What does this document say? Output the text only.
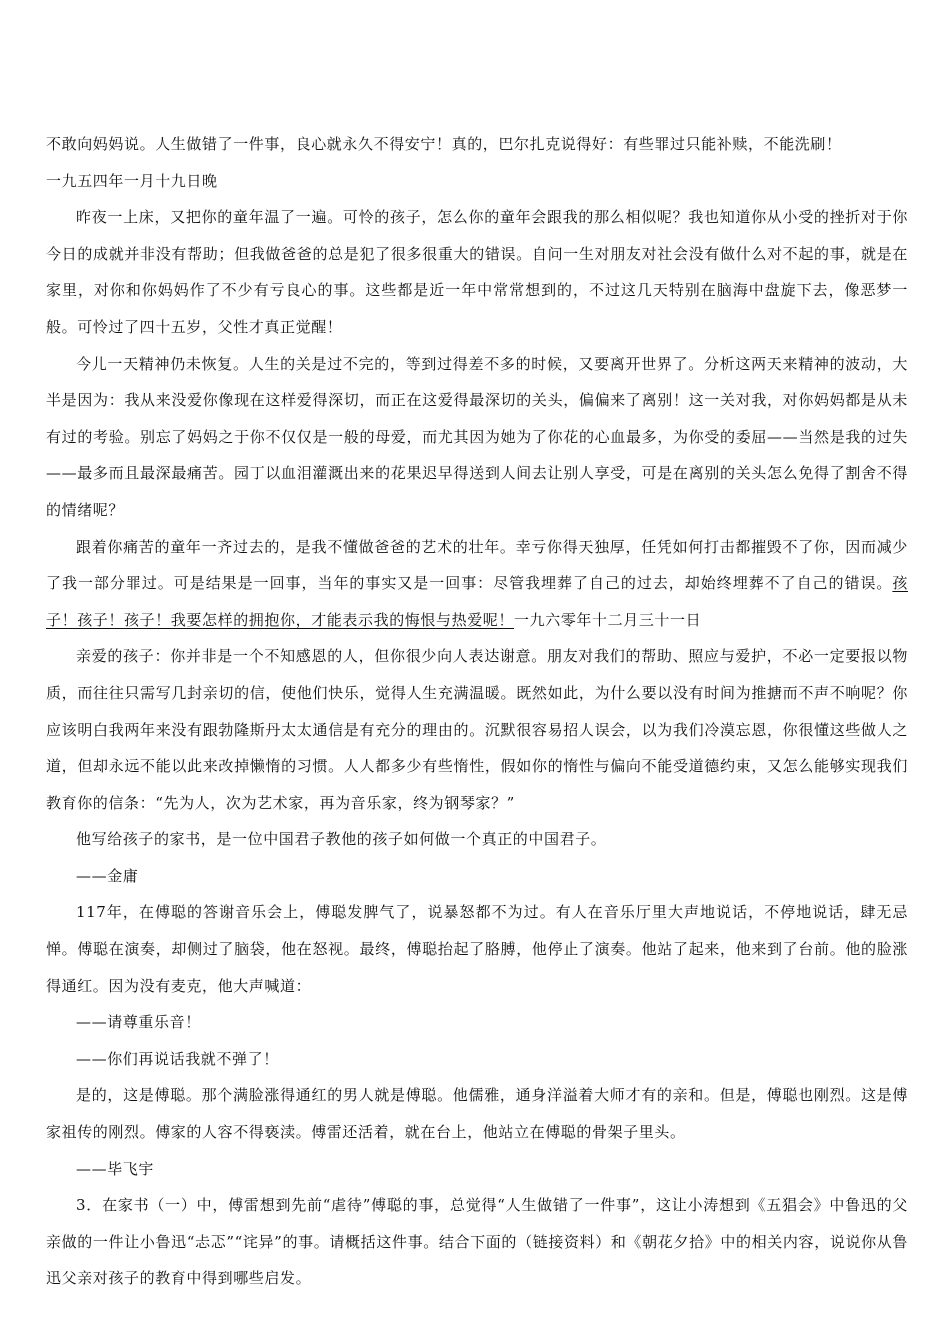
不敢向妈妈说。人生做错了一件事，良心就永久不得安宁！真的，巴尔扎克说得好：有些罪过只能补赎，不能洗刷！

一九五四年一月十九日晚

昨夜一上床，又把你的童年温了一遍。可怜的孩子，怎么你的童年会跟我的那么相似呢？我也知道你从小受的挫折对于你今日的成就并非没有帮助；但我做爸爸的总是犯了很多很重大的错误。自问一生对朋友对社会没有做什么对不起的事，就是在家里，对你和你妈妈作了不少有亏良心的事。这些都是近一年中常常想到的，不过这几天特别在脑海中盘旋下去，像恶梦一般。可怜过了四十五岁，父性才真正觉醒！

今儿一天精神仍未恢复。人生的关是过不完的，等到过得差不多的时候，又要离开世界了。分析这两天来精神的波动，大半是因为：我从来没爱你像现在这样爱得深切，而正在这爱得最深切的关头，偏偏来了离别！这一关对我，对你妈妈都是从未有过的考验。别忘了妈妈之于你不仅仅是一般的母爱，而尤其因为她为了你花的心血最多，为你受的委屈——当然是我的过失——最多而且最深最痛苦。园丁以血泪灌溉出来的花果迟早得送到人间去让别人享受，可是在离别的关头怎么免得了割舍不得的情绪呢？

跟着你痛苦的童年一齐过去的，是我不懂做爸爸的艺术的壮年。幸亏你得天独厚，任凭如何打击都摧毁不了你，因而减少了我一部分罪过。可是结果是一回事，当年的事实又是一回事：尽管我埋葬了自己的过去，却始终埋葬不了自己的错误。孩子！孩子！孩子！我要怎样的拥抱你，才能表示我的悔恨与热爱呢！一九六零年十二月三十一日

亲爱的孩子：你并非是一个不知感恩的人，但你很少向人表达谢意。朋友对我们的帮助、照应与爱护，不必一定要报以物质，而往往只需写几封亲切的信，使他们快乐，觉得人生充满温暖。既然如此，为什么要以没有时间为推搪而不声不响呢？你应该明白我两年来没有跟勃隆斯丹太太通信是有充分的理由的。沉默很容易招人误会，以为我们冷漠忘恩，你很懂这些做人之道，但却永远不能以此来改掉懒惰的习惯。人人都多少有些惰性，假如你的惰性与偏向不能受道德约束，又怎么能够实现我们教育你的信条：“先为人，次为艺术家，再为音乐家，终为钢琴家？”

他写给孩子的家书，是一位中国君子教他的孩子如何做一个真正的中国君子。

——金庸

117年，在傅聪的答谢音乐会上，傅聪发脾气了，说暴怒都不为过。有人在音乐厅里大声地说话，不停地说话，肆无忌惮。傅聪在演奏，却侧过了脑袋，他在怒视。最终，傅聪抬起了胳膊，他停止了演奏。他站了起来，他来到了台前。他的脸涨得通红。因为没有麦克，他大声喊道：

——请尊重乐音！

——你们再说话我就不弹了！

是的，这是傅聪。那个满脸涨得通红的男人就是傅聪。他儒雅，通身洋溢着大师才有的亲和。但是，傅聪也刚烈。这是傅家祖传的刚烈。傅家的人容不得亵渎。傅雷还活着，就在台上，他站立在傅聪的骨架子里头。

——毕飞宇

3．在家书（一）中，傅雷想到先前“虐待”傅聪的事，总觉得“人生做错了一件事”，这让小涛想到《五猖会》中鲁迅的父亲做的一件让小鲁迅“忐忑”“诧异”的事。请概括这件事。结合下面的（链接资料）和《朝花夕拾》中的相关内容，说说你从鲁迅父亲对孩子的教育中得到哪些启发。
